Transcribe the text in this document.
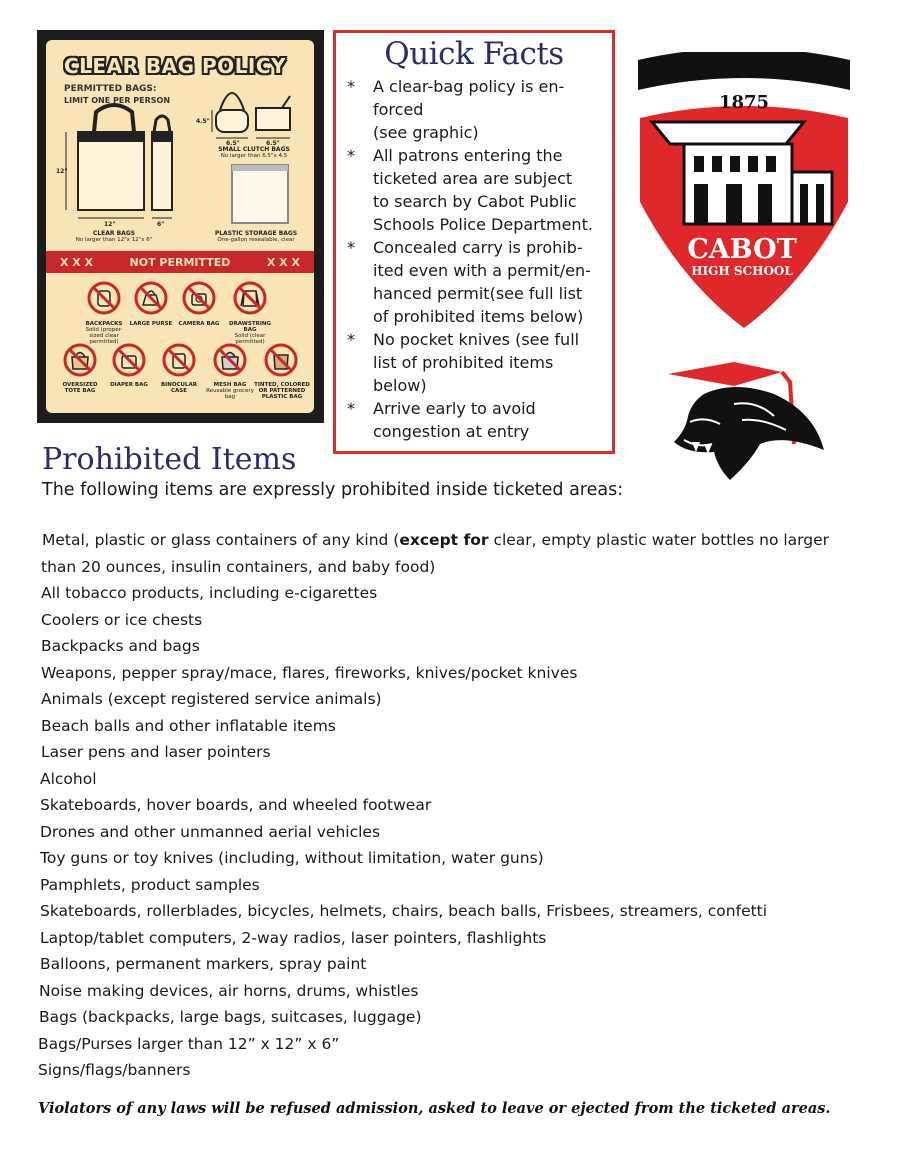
CLEAR BAG POLICY
PERMITTED BAGS:
LIMIT ONE PER PERSON
12"
12"	6"
4.5"
6.5"	6.5"
CLEAR BAGS
No larger than 12"x 12"x 6"
SMALL CLUTCH BAGS
No larger than 6.5"x 4.5
PLASTIC STORAGE BAGS
One-gallon resealable, clear
X X X	NOT PERMITTED	X X X
BACKPACKS
Solid (proper-sized clear permitted)
LARGE PURSE	CAMERA BAG	DRAWSTRING BAG
Solid (clear permitted)
OVERSIZED TOTE BAG
DIAPER BAG	BINOCULAR CASE
MESH BAG
Reusable grocery bag
TINTED, COLORED OR PATTERNED PLASTIC BAG
Quick Facts
*	A clear-bag policy is en-
forced
(see graphic)
*	All patrons entering the
ticketed area are subject
to search by Cabot Public
Schools Police Department.
*	Concealed carry is prohib-
ited even with a permit/en-
hanced permit(see full list
of prohibited items below)
*	No pocket knives (see full
list of prohibited items
below)
*	Arrive early to avoid
congestion at entry
1875
CABOT
HIGH SCHOOL
Prohibited Items
The following items are expressly prohibited inside ticketed areas:
Metal, plastic or glass containers of any kind (except for clear, empty plastic water bottles no larger
than 20 ounces, insulin containers, and baby food)
All tobacco products, including e-cigarettes
Coolers or ice chests
Backpacks and bags
Weapons, pepper spray/mace, flares, fireworks, knives/pocket knives
Animals (except registered service animals)
Beach balls and other inflatable items
Laser pens and laser pointers
Alcohol
Skateboards, hover boards, and wheeled footwear
Drones and other unmanned aerial vehicles
Toy guns or toy knives (including, without limitation, water guns)
Pamphlets, product samples
Skateboards, rollerblades, bicycles, helmets, chairs, beach balls, Frisbees, streamers, confetti
Laptop/tablet computers, 2-way radios, laser pointers, flashlights
Balloons, permanent markers, spray paint
Noise making devices, air horns, drums, whistles
Bags (backpacks, large bags, suitcases, luggage)
Bags/Purses larger than 12” x 12” x 6”
Signs/flags/banners
Violators of any laws will be refused admission, asked to leave or ejected from the ticketed areas.
